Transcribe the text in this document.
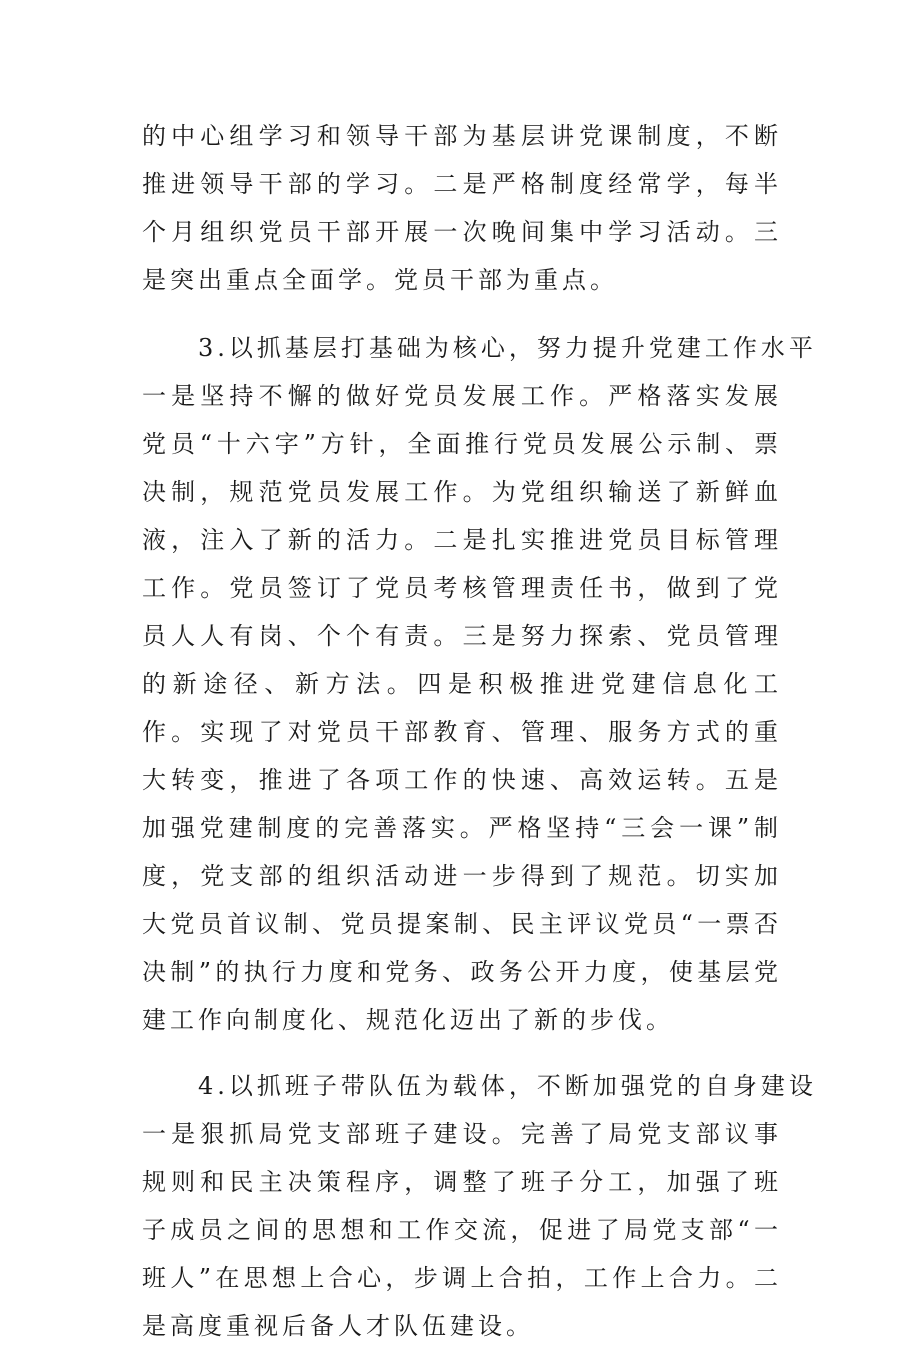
的中心组学习和领导干部为基层讲党课制度，不断推进领导干部的学习。二是严格制度经常学，每半个月组织党员干部开展一次晚间集中学习活动。三是突出重点全面学。党员干部为重点。

3.以抓基层打基础为核心，努力提升党建工作水平

一是坚持不懈的做好党员发展工作。严格落实发展党员“十六字”方针，全面推行党员发展公示制、票决制，规范党员发展工作。为党组织输送了新鲜血液，注入了新的活力。二是扎实推进党员目标管理工作。党员签订了党员考核管理责任书，做到了党员人人有岗、个个有责。三是努力探索、党员管理的新途径、新方法。四是积极推进党建信息化工作。实现了对党员干部教育、管理、服务方式的重大转变，推进了各项工作的快速、高效运转。五是加强党建制度的完善落实。严格坚持“三会一课”制度，党支部的组织活动进一步得到了规范。切实加大党员首议制、党员提案制、民主评议党员“一票否决制”的执行力度和党务、政务公开力度，使基层党建工作向制度化、规范化迈出了新的步伐。

4.以抓班子带队伍为载体，不断加强党的自身建设

一是狠抓局党支部班子建设。完善了局党支部议事规则和民主决策程序，调整了班子分工，加强了班子成员之间的思想和工作交流，促进了局党支部“一班人”在思想上合心，步调上合拍，工作上合力。二是高度重视后备人才队伍建设。
